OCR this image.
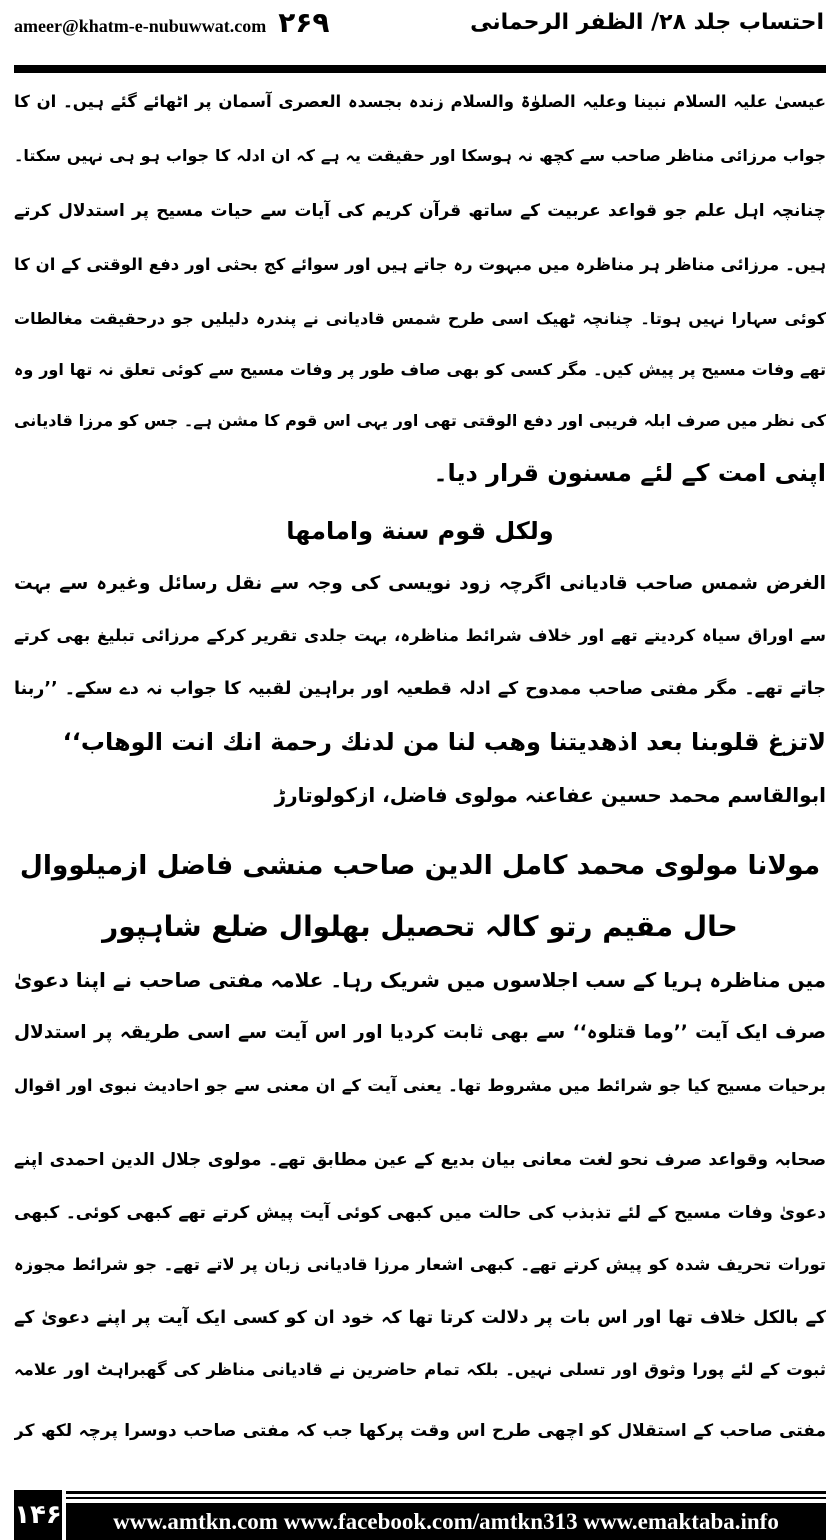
ameer@khatm-e-nubuwwat.com ۲۶۹	احتساب جلد ۲۸/ الظفر الرحمانی
عیسیٰ علیہ السلام نبینا وعلیہ الصلوٰۃ والسلام زندہ بجسدہ العصری آسمان پر اٹھائے گئے ہیں۔ ان کا
جواب مرزائی مناظر صاحب سے کچھ نہ ہوسکا اور حقیقت یہ ہے کہ ان ادلہ کا جواب ہو ہی نہیں سکتا۔
چنانچہ اہل علم جو قواعد عربیت کے ساتھ قرآن کریم کی آیات سے حیات مسیح پر استدلال کرتے
ہیں۔ مرزائی مناظر ہر مناظرہ میں مبہوت رہ جاتے ہیں اور سوائے کج بحثی اور دفع الوقتی کے ان کا
کوئی سہارا نہیں ہوتا۔ چنانچہ ٹھیک اسی طرح شمس قادیانی نے پندرہ دلیلیں جو درحقیقت مغالطات
تھے وفات مسیح پر پیش کیں۔ مگر کسی کو بھی صاف طور پر وفات مسیح سے کوئی تعلق نہ تھا اور وہ
کی نظر میں صرف ابلہ فریبی اور دفع الوقتی تھی اور یہی اس قوم کا مشن ہے۔ جس کو مرزا قادیانی
اپنی امت کے لئے مسنون قرار دیا۔
ولكل قوم سنة وامامها
الغرض شمس صاحب قادیانی اگرچہ زود نویسی کی وجہ سے نقل رسائل وغیرہ سے بہت
سے اوراق سیاہ کردیتے تھے اور خلاف شرائط مناظرہ، بہت جلدی تقریر کرکے مرزائی تبلیغ بھی کرتے
جاتے تھے۔ مگر مفتی صاحب ممدوح کے ادلہ قطعیہ اور براہین لقبیہ کا جواب نہ دے سکے۔ ’’ربنا
لاتزغ قلوبنا بعد اذهديتنا وهب لنا من لدنك رحمة انك انت الوهاب‘‘
ابوالقاسم محمد حسین عفاعنہ مولوی فاضل، ازکولوتارڑ
مولانا مولوی محمد کامل الدین صاحب منشی فاضل ازمیلووال
حال مقیم رتو کالہ تحصیل بھلوال ضلع شاہپور
میں مناظرہ ہریا کے سب اجلاسوں میں شریک رہا۔ علامہ مفتی صاحب نے اپنا دعویٰ
صرف ایک آیت ’’وما قتلوہ‘‘ سے بھی ثابت کردیا اور اس آیت سے اسی طریقہ پر استدلال
برحیات مسیح کیا جو شرائط میں مشروط تھا۔ یعنی آیت کے ان معنی سے جو احادیث نبوی اور اقوال
صحابہ وقواعد صرف نحو لغت معانی بیان بدیع کے عین مطابق تھے۔ مولوی جلال الدین احمدی اپنے
دعویٰ وفات مسیح کے لئے تذبذب کی حالت میں کبھی کوئی آیت پیش کرتے تھے کبھی کوئی۔ کبھی
تورات تحریف شدہ کو پیش کرتے تھے۔ کبھی اشعار مرزا قادیانی زبان پر لاتے تھے۔ جو شرائط مجوزہ
کے بالکل خلاف تھا اور اس بات پر دلالت کرتا تھا کہ خود ان کو کسی ایک آیت پر اپنے دعویٰ کے
ثبوت کے لئے پورا وثوق اور تسلی نہیں۔ بلکہ تمام حاضرین نے قادیانی مناظر کی گھبراہٹ اور علامہ
مفتی صاحب کے استقلال کو اچھی طرح اس وقت پرکھا جب کہ مفتی صاحب دوسرا پرچہ لکھ کر
۱۴۶	www.amtkn.com www.facebook.com/amtkn313 www.emaktaba.info
